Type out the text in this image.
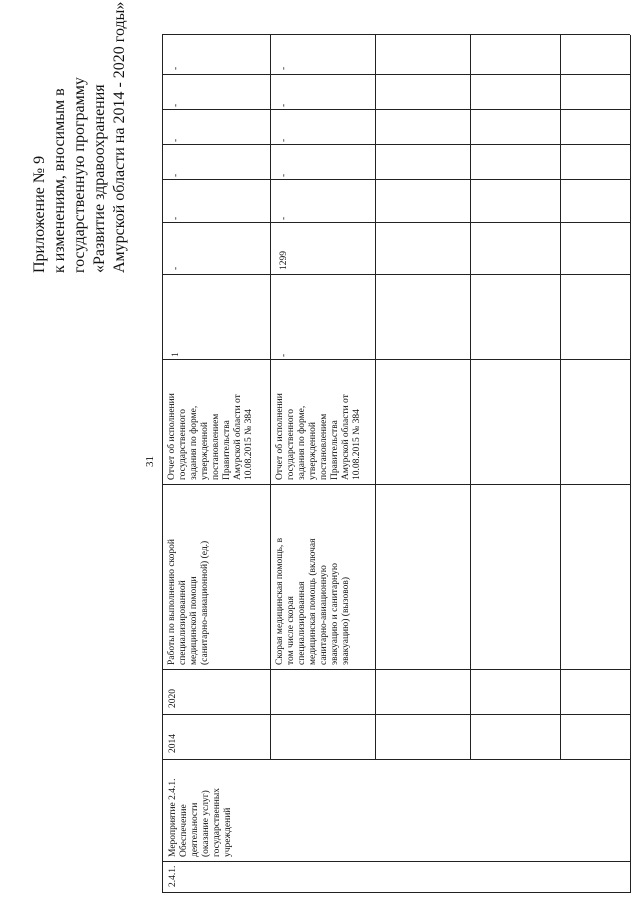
31
Приложение № 9 к изменениям, вносимым в государственную программу «Развитие здравоохранения Амурской области на 2014 - 2020 годы»
2.4.1.
Мероприятие 2.4.1.
Обеспечение
деятельности
(оказание услуг)
государственных
учреждений
2014
2020
Работы по выполнению скорой
специализированной
медицинской помощи
(санитарно-авиационной) (ед.)
Отчет об исполнении
государственного
задания по форме,
утвержденной
постановлением
Правительства
Амурской области от
10.08.2015 № 384
1
-
-
-
-
-
-
Скорая медицинская помощь, в
том числе скорая
специализированная
медицинская помощь (включая
санитарно-авиационную
эвакуацию и санитарную
эвакуацию) (вызовов)
Отчет об исполнении
государственного
задания по форме,
утвержденной
постановлением
Правительства
Амурской области от
10.08.2015 № 384
-
1299
-
-
-
-
-
